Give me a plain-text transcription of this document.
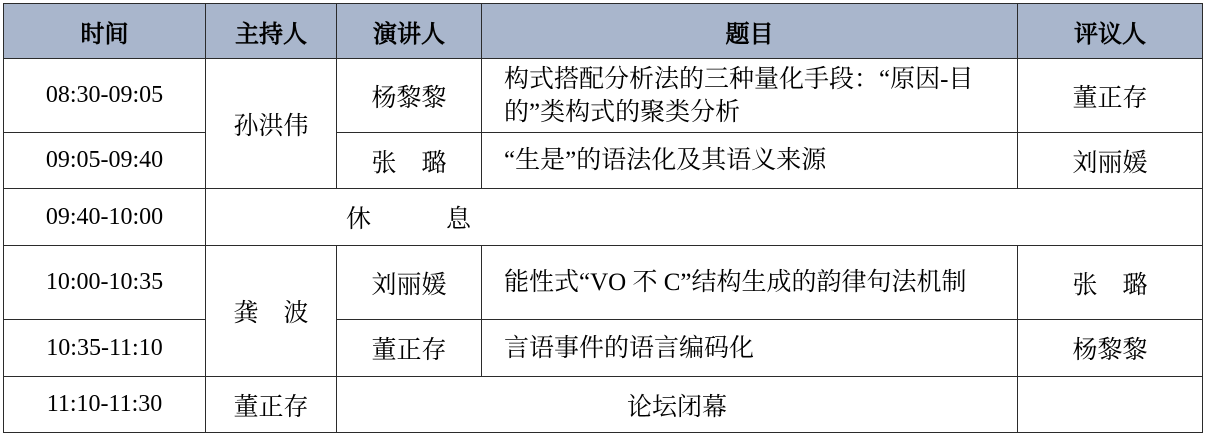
时间	主持人	演讲人	题目	评议人
08:30-09:05	孙洪伟	杨黎黎	构式搭配分析法的三种量化手段：“原因-目的”类构式的聚类分析	董正存
09:05-09:40		张　璐	“生是”的语法化及其语义来源	刘丽媛
09:40-10:00	休　息			
10:00-10:35	龚　波	刘丽媛	能性式“VO 不 C”结构生成的韵律句法机制	张　璐
10:35-11:10		董正存	言语事件的语言编码化	杨黎黎
11:10-11:30	董正存	论坛闭幕		
